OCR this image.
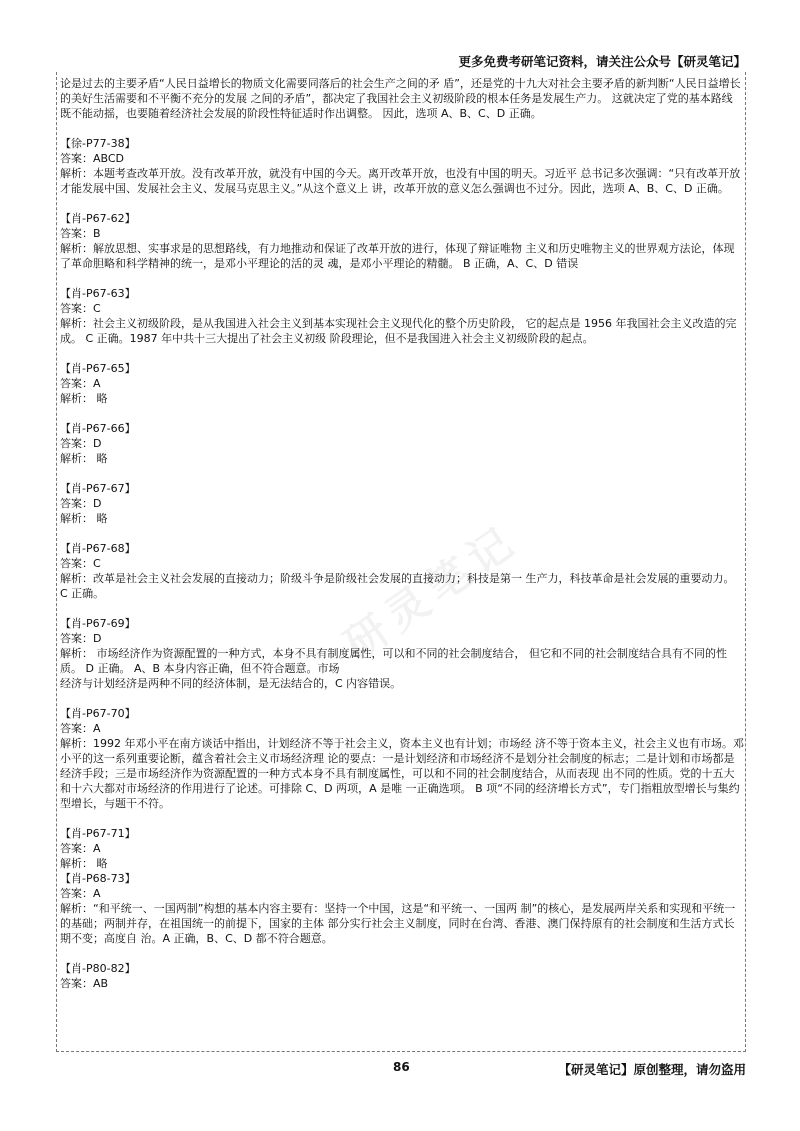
更多免费考研笔记资料，请关注公众号【研灵笔记】
研灵笔记

论是过去的主要矛盾“人民日益增长的物质文化需要同落后的社会生产之间的矛 盾”，还是党的十九大对社会主要矛盾的新判断“人民日益增长的美好生活需要和不平衡不充分的发展 之间的矛盾”，都决定了我国社会主义初级阶段的根本任务是发展生产力。 这就决定了党的基本路线 既不能动摇，也要随着经济社会发展的阶段性特征适时作出调整。 因此，选项 A、B、C、D 正确。

【徐-P77-38】

答案：ABCD

解析：本题考查改革开放。没有改革开放，就没有中国的今天。离开改革开放，也没有中国的明天。习近平 总书记多次强调：“只有改革开放才能发展中国、发展社会主义、发展马克思主义。”从这个意义上 讲，改革开放的意义怎么强调也不过分。因此，选项 A、B、C、D 正确。

【肖-P67-62】

答案：B

解析：解放思想、实事求是的思想路线，有力地推动和保证了改革开放的进行，体现了辩证唯物 主义和历史唯物主义的世界观方法论，体现了革命胆略和科学精神的统一，是邓小平理论的活的灵 魂，是邓小平理论的精髓。 B 正确，A、C、D 错误

【肖-P67-63】

答案：C

解析：社会主义初级阶段，是从我国进入社会主义到基本实现社会主义现代化的整个历史阶段， 它的起点是 1956 年我国社会主义改造的完成。 C 正确。1987 年中共十三大提出了社会主义初级 阶段理论，但不是我国进入社会主义初级阶段的起点。

【肖-P67-65】

答案：A

解析： 略

【肖-P67-66】

答案：D

解析： 略

【肖-P67-67】

答案：D

解析： 略

【肖-P67-68】

答案：C

解析：改革是社会主义社会发展的直接动力；阶级斗争是阶级社会发展的直接动力；科技是第一 生产力，科技革命是社会发展的重要动力。 C 正确。

【肖-P67-69】

答案：D

解析： 市场经济作为资源配置的一种方式，本身不具有制度属性，可以和不同的社会制度结合， 但它和不同的社会制度结合具有不同的性质。 D 正确。 A、B 本身内容正确，但不符合题意。市场

经济与计划经济是两种不同的经济体制，是无法结合的，C 内容错误。

【肖-P67-70】

答案：A

解析：1992 年邓小平在南方谈话中指出，计划经济不等于社会主义，资本主义也有计划；市场经 济不等于资本主义，社会主义也有市场。邓小平的这一系列重要论断，蕴含着社会主义市场经济理 论的要点：一是计划经济和市场经济不是划分社会制度的标志；二是计划和市场都是经济手段；三是市场经济作为资源配置的一种方式本身不具有制度属性，可以和不同的社会制度结合，从而表现 出不同的性质。党的十五大和十六大都对市场经济的作用进行了论述。可排除 C、D 两项，A 是唯 一正确选项。 B 项“不同的经济增长方式”，专门指粗放型增长与集约型增长，与题干不符。

【肖-P67-71】

答案：A

解析： 略

【肖-P68-73】

答案：A

解析：“和平统一、一国两制”构想的基本内容主要有：坚持一个中国，这是“和平统一、一国两 制”的核心，是发展两岸关系和实现和平统一的基础；两制并存，在祖国统一的前提下，国家的主体 部分实行社会主义制度，同时在台湾、香港、澳门保持原有的社会制度和生活方式长期不变；高度自 治。A 正确，B、C、D 都不符合题意。

【肖-P80-82】

答案：AB

86	【研灵笔记】原创整理，请勿盗用
